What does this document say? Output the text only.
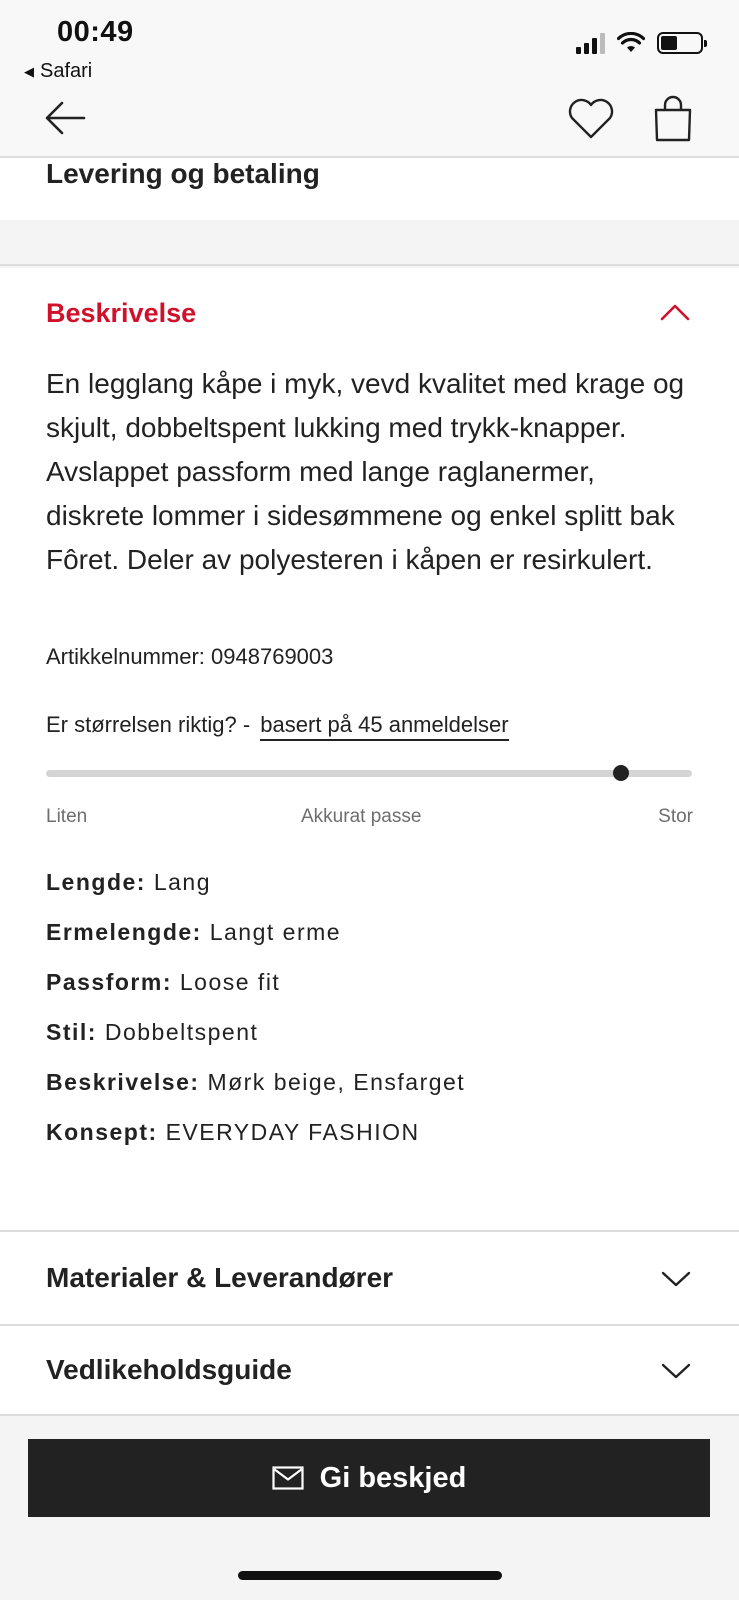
00:49
◀ Safari
Levering og betaling
Beskrivelse

En legglang kåpe i myk, vevd kvalitet med krage og skjult, dobbeltspent lukking med trykk-knapper. Avslappet passform med lange raglanermer, diskrete lommer i sidesømmene og enkel splitt bak Fôret. Deler av polyesteren i kåpen er resirkulert.

Artikkelnummer: 0948769003
Er størrelsen riktig? - basert på 45 anmeldelser
Liten	Akkurat passe	Stor
Lengde: Lang
Ermelengde: Langt erme
Passform: Loose fit
Stil: Dobbeltspent
Beskrivelse: Mørk beige, Ensfarget
Konsept: EVERYDAY FASHION
Materialer & Leverandører
Vedlikeholdsguide
Gi beskjed
